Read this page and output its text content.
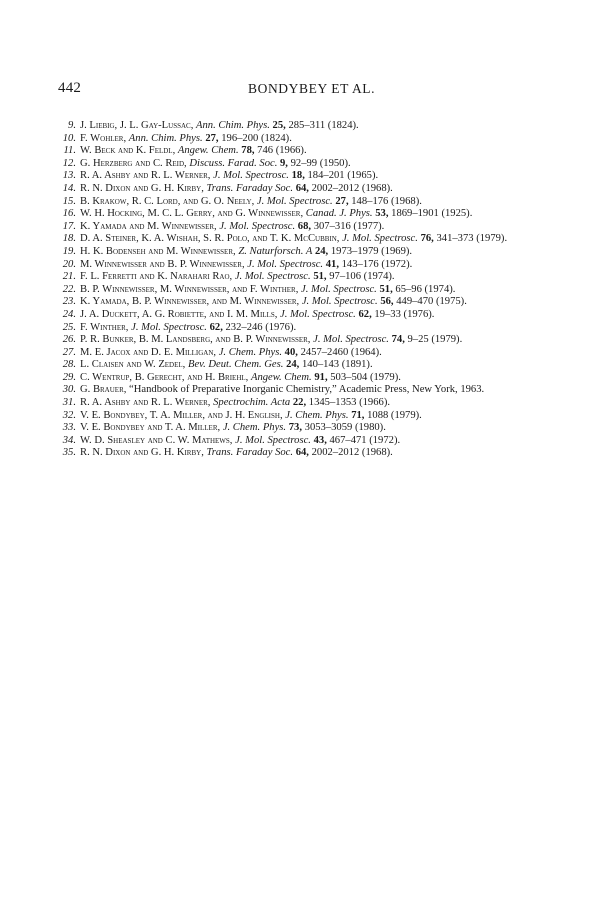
442	BONDYBEY ET AL.
9 . J. Liebig, J. L. Gay-Lussac, Ann. Chim. Phys. 25, 285–311 (1824).
10 . F. Wohler, Ann. Chim. Phys. 27, 196–200 (1824).
11 . W. Beck and K. Feldl, Angew. Chem. 78, 746 (1966).
12 . G. Herzberg and C. Reid, Discuss. Farad. Soc. 9, 92–99 (1950).
13 . R. A. Ashby and R. L. Werner, J. Mol. Spectrosc. 18, 184–201 (1965).
14 . R. N. Dixon and G. H. Kirby, Trans. Faraday Soc. 64, 2002–2012 (1968).
15 . B. Krakow, R. C. Lord, and G. O. Neely, J. Mol. Spectrosc. 27, 148–176 (1968).
16 . W. H. Hocking, M. C. L. Gerry, and G. Winnewisser, Canad. J. Phys. 53, 1869–1901 (1925).
17 . K. Yamada and M. Winnewisser, J. Mol. Spectrosc. 68, 307–316 (1977).
18 . D. A. Steiner, K. A. Wishah, S. R. Polo, and T. K. McCubbin, J. Mol. Spectrosc. 76, 341–373 (1979).
19 . H. K. Bodenseh and M. Winnewisser, Z. Naturforsch. A 24, 1973–1979 (1969).
20 . M. Winnewisser and B. P. Winnewisser, J. Mol. Spectrosc. 41, 143–176 (1972).
21 . F. L. Ferretti and K. Narahari Rao, J. Mol. Spectrosc. 51, 97–106 (1974).
22 . B. P. Winnewisser, M. Winnewisser, and F. Winther, J. Mol. Spectrosc. 51, 65–96 (1974).
23 . K. Yamada, B. P. Winnewisser, and M. Winnewisser, J. Mol. Spectrosc. 56, 449–470 (1975).
24 . J. A. Duckett, A. G. Robiette, and I. M. Mills, J. Mol. Spectrosc. 62, 19–33 (1976).
25 . F. Winther, J. Mol. Spectrosc. 62, 232–246 (1976).
26 . P. R. Bunker, B. M. Landsberg, and B. P. Winnewisser, J. Mol. Spectrosc. 74, 9–25 (1979).
27 . M. E. Jacox and D. E. Milligan, J. Chem. Phys. 40, 2457–2460 (1964).
28 . L. Claisen and W. Zedel, Bev. Deut. Chem. Ges. 24, 140–143 (1891).
29 . C. Wentrup, B. Gerecht, and H. Briehl, Angew. Chem. 91, 503–504 (1979).
30 . G. Brauer, “Handbook of Preparative Inorganic Chemistry,” Academic Press, New York, 1963.
31 . R. A. Ashby and R. L. Werner, Spectrochim. Acta 22, 1345–1353 (1966).
32 . V. E. Bondybey, T. A. Miller, and J. H. English, J. Chem. Phys. 71, 1088 (1979).
33 . V. E. Bondybey and T. A. Miller, J. Chem. Phys. 73, 3053–3059 (1980).
34 . W. D. Sheasley and C. W. Mathews, J. Mol. Spectrosc. 43, 467–471 (1972).
35 . R. N. Dixon and G. H. Kirby, Trans. Faraday Soc. 64, 2002–2012 (1968).
